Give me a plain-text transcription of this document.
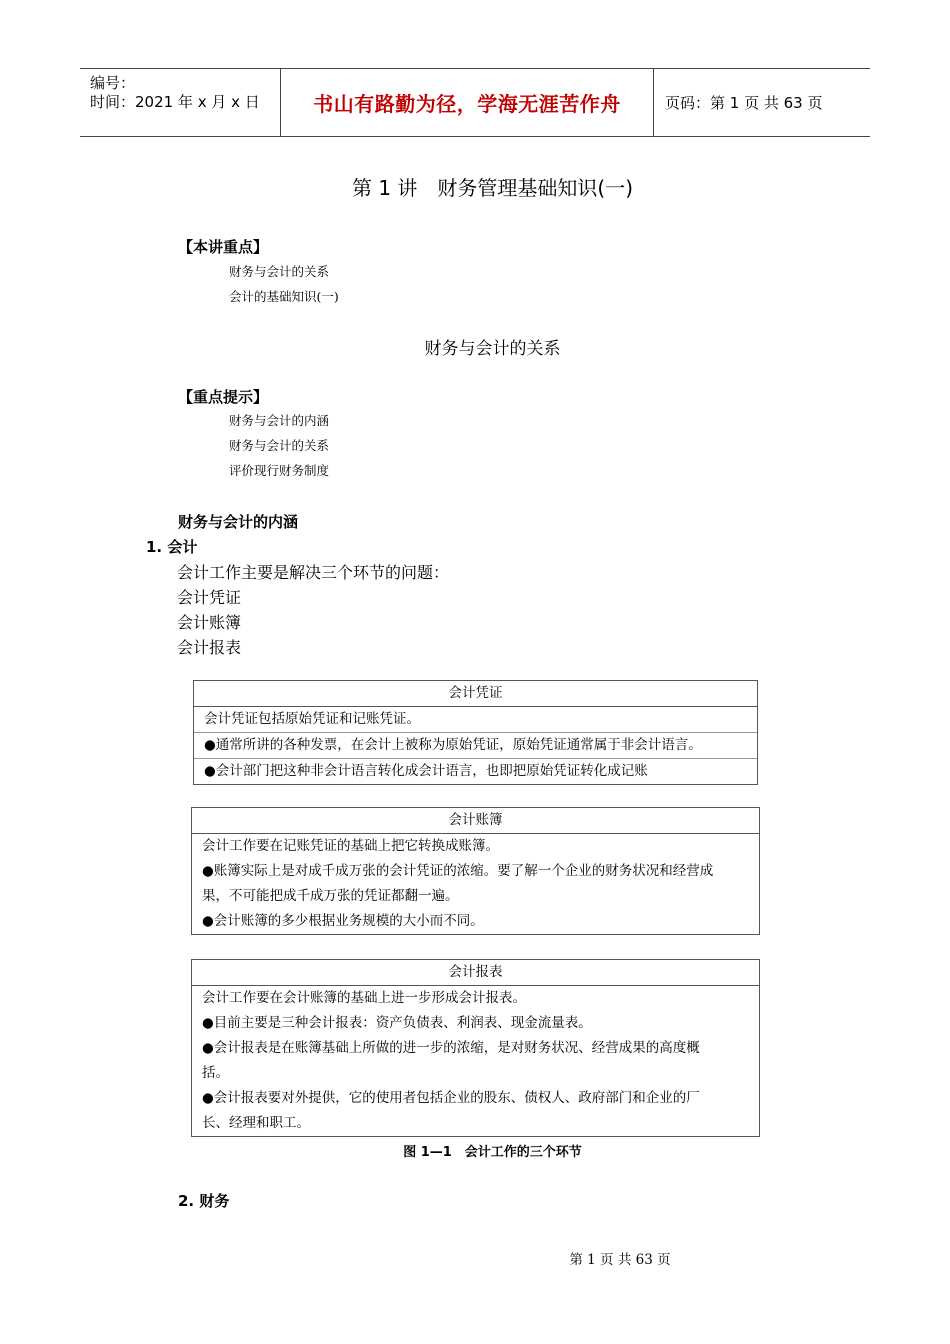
编号：
时间：2021 年 x 月 x 日	书山有路勤为径，学海无涯苦作舟	页码：第 1 页 共 63 页
第 1 讲　财务管理基础知识(一)
【本讲重点】
财务与会计的关系
会计的基础知识(一)
财务与会计的关系
【重点提示】
财务与会计的内涵
财务与会计的关系
评价现行财务制度
财务与会计的内涵
1. 会计
会计工作主要是解决三个环节的问题：
会计凭证
会计账簿
会计报表
会计凭证
会计凭证包括原始凭证和记账凭证。
●通常所讲的各种发票，在会计上被称为原始凭证，原始凭证通常属于非会计语言。
●会计部门把这种非会计语言转化成会计语言，也即把原始凭证转化成记账
会计账簿
会计工作要在记账凭证的基础上把它转换成账簿。
●账簿实际上是对成千成万张的会计凭证的浓缩。要了解一个企业的财务状况和经营成
果，不可能把成千成万张的凭证都翻一遍。
●会计账簿的多少根据业务规模的大小而不同。
会计报表
会计工作要在会计账簿的基础上进一步形成会计报表。
●目前主要是三种会计报表：资产负债表、利润表、现金流量表。
●会计报表是在账簿基础上所做的进一步的浓缩，是对财务状况、经营成果的高度概
括。
●会计报表要对外提供，它的使用者包括企业的股东、债权人、政府部门和企业的厂
长、经理和职工。
图 1—1　会计工作的三个环节
2. 财务
第 1 页 共 63 页
